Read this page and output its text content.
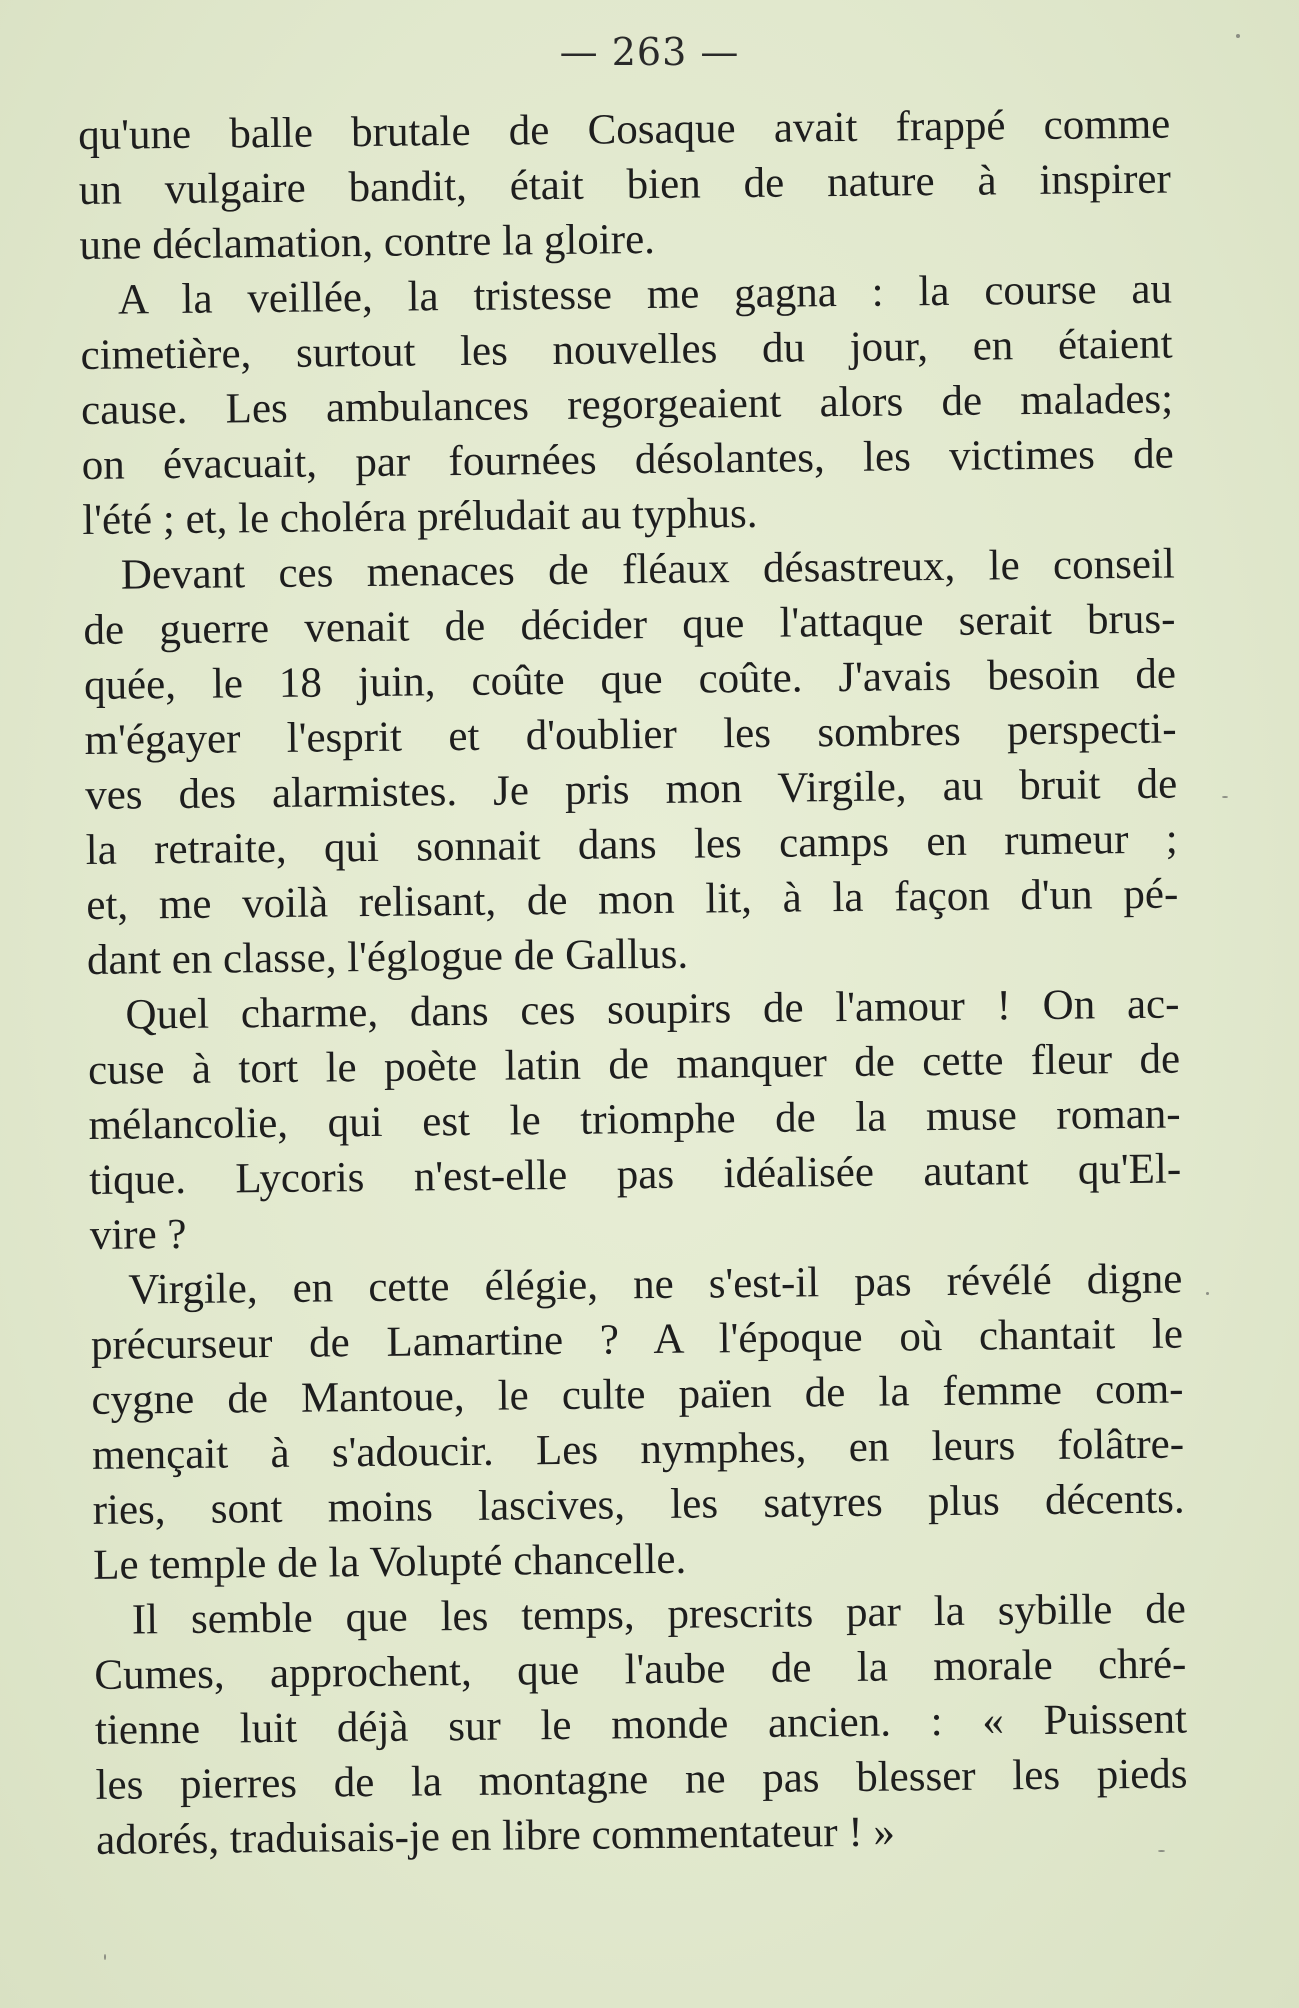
— 263 —
qu'une balle brutale de Cosaque avait frappé comme
un vulgaire bandit, était bien de nature à inspirer
une déclamation, contre la gloire.
A la veillée, la tristesse me gagna : la course au
cimetière, surtout les nouvelles du jour, en étaient
cause. Les ambulances regorgeaient alors de malades;
on évacuait, par fournées désolantes, les victimes de
l'été ; et, le choléra préludait au typhus.
Devant ces menaces de fléaux désastreux, le conseil
de guerre venait de décider que l'attaque serait brus-
quée, le 18 juin, coûte que coûte. J'avais besoin de
m'égayer l'esprit et d'oublier les sombres perspecti-
ves des alarmistes. Je pris mon Virgile, au bruit de
la retraite, qui sonnait dans les camps en rumeur ;
et, me voilà relisant, de mon lit, à la façon d'un pé-
dant en classe, l'églogue de Gallus.
Quel charme, dans ces soupirs de l'amour ! On ac-
cuse à tort le poète latin de manquer de cette fleur de
mélancolie, qui est le triomphe de la muse roman-
tique. Lycoris n'est-elle pas idéalisée autant qu'El-
vire ?
Virgile, en cette élégie, ne s'est-il pas révélé digne
précurseur de Lamartine ? A l'époque où chantait le
cygne de Mantoue, le culte païen de la femme com-
mençait à s'adoucir. Les nymphes, en leurs folâtre-
ries, sont moins lascives, les satyres plus décents.
Le temple de la Volupté chancelle.
Il semble que les temps, prescrits par la sybille de
Cumes, approchent, que l'aube de la morale chré-
tienne luit déjà sur le monde ancien. : « Puissent
les pierres de la montagne ne pas blesser les pieds
adorés, traduisais-je en libre commentateur ! »
